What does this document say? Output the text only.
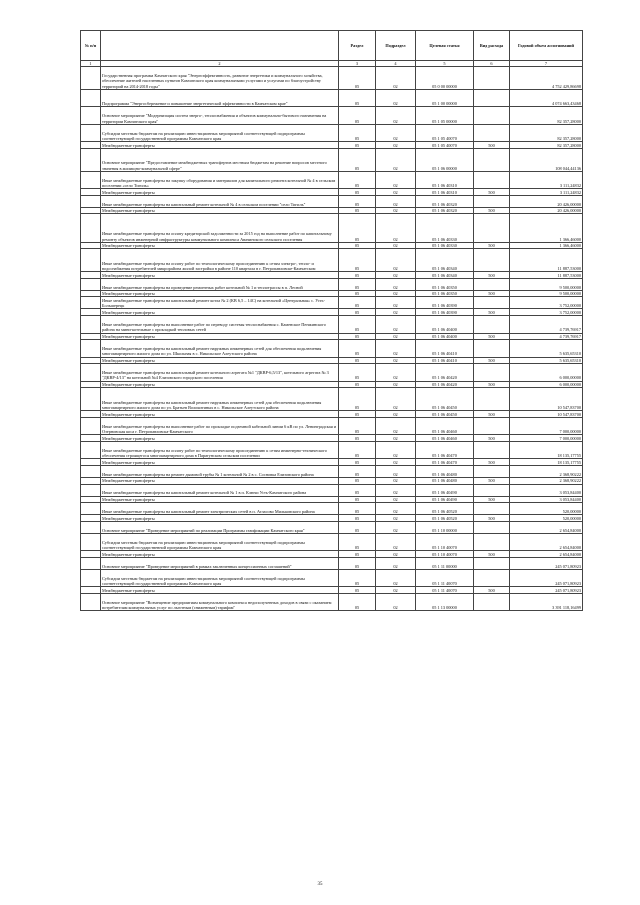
№ п/п		Раздел	Подраздел	Целевая статья	Вид расхода	Годовой объем ассигнований
1	2	3	4	5	6	7
	Государственная программа Камчатского края "Энергоэффективность, развитие энергетики и коммунального хозяйства, обеспечение жителей населенных пунктов Камчатского края коммунальными услугами и услугами по благоустройству территорий на 2014-2018 годы"	05	02	05 0 00 00000		4 752 429,86698
	Подпрограмма "Энергосбережение и повышение энергетической эффективности в Камчатском крае"	05	02	05 1 00 00000		4 074 663,43468
	Основное мероприятие "Модернизация систем энерго-, теплоснабжения и объектов коммунально-бытового назначения на территории Камчатского края"	05	02	05 1 05 00000		82 357,28000
	Субсидии местным бюджетам на реализацию инвестиционных мероприятий соответствующей подпрограммы соответствующей государственной программы Камчатского края	05	02	05 1 05 40070		82 357,28000
	Межбюджетные трансферты	05	02	05 1 05 40070	500	82 357,28000
	Основное мероприятие "Предоставление межбюджетных трансфертов местным бюджетам на решение вопросов местного значения в жилищно-коммунальной сфере"	05	02	05 1 06 00000		108 044,44136
	Иные межбюджетные трансферты на закупку оборудования и материалов для капитального ремонта котельной № 4 в сельском поселении «село Тигиль»	05	02	05 1 06 40310		3 111,24832
	Межбюджетные трансферты	05	02	05 1 06 40310	500	3 111,24832
	Иные межбюджетные трансферты на капитальный ремонт котельной № 4 в сельском поселении "село Тигиль"	05	02	05 1 06 40320		20 426,00000
	Межбюджетные трансферты	05	02	05 1 06 40320	500	20 426,00000
	Иные межбюджетные трансферты на оплату кредиторской задолженности за 2015 год на выполнение работ по капитальному ремонту объектов инженерной инфраструктуры коммунального комплекса Авачинского сельского поселения	05	02	05 1 06 40330		1 366,46000
	Межбюджетные трансферты	05	02	05 1 06 40330	500	1 366,46000
	Иные межбюджетные трансферты на оплату работ по технологическому присоединению к сетям электро-, тепло- и водоснабжения потребителей микрорайона жилой застройки в районе 110 квартала в г. Петропавловске-Камчатском	05	02	05 1 06 40340		11 887,53000
	Межбюджетные трансферты	05	02	05 1 06 40340	500	11 887,53000
	Иные межбюджетные трансферты на проведение ремонтных работ котельной № 1 и теплотрассы в п. Лесной	05	02	05 1 06 40350		9 500,00000
	Межбюджетные трансферты	05	02	05 1 06 40350	500	9 500,00000
	Иные межбюджетные трансферты на капитальный ремонт котла № 2 (КВ 6,5 – 14С) на котельной «Центральная» с. Усть-Большерецк	05	02	05 1 06 40390		3 752,00000
	Межбюджетные трансферты	05	02	05 1 06 40390	500	3 752,00000
	Иные межбюджетные трансферты на выполнение работ по переводу системы теплоснабжения с. Каменское Пенжинского района на мини-котельные с прокладкой тепловых сетей	05	02	05 1 06 40400		4 739,76917
	Межбюджетные трансферты	05	02	05 1 06 40400	500	4 739,76917
	Иные межбюджетные трансферты на капитальный ремонт наружных инженерных сетей для обеспечения подключения многоквартирного жилого дома по ул. Школьная в с. Никольское Алеутского района	05	02	05 1 06 40410		5 635,65310
	Межбюджетные трансферты	05	02	05 1 06 40410	500	5 635,65310
	Иные межбюджетные трансферты на капитальный ремонт котельного агрегата №1 "ДКВР-6,5/13", котельного агрегата № 3 "ДКВР-4/13" на котельной №4 Елизовского городского поселения	05	02	05 1 06 40420		6 000,00000
	Межбюджетные трансферты	05	02	05 1 06 40420	500	6 000,00000
	Иные межбюджетные трансферты на капитальный ремонт наружных инженерных сетей для обеспечения подключения многоквартирного жилого дома по ул. Братьев Волокитиных в с. Никольское Алеутского района	05	02	05 1 06 40450		10 547,83700
	Межбюджетные трансферты	05	02	05 1 06 40450	500	10 547,83700
	Иные межбюджетные трансферты на выполнение работ по прокладке подземной кабельной линии 6 кВ по ул. Ленинградская и Озерновская коса г. Петропавловска-Камчатского	05	02	05 1 06 40460		7 000,00000
	Межбюджетные трансферты	05	02	05 1 06 40460	500	7 000,00000
	Иные межбюджетные трансферты на оплату работ по технологическому присоединению к сетям инженерно-технического обеспечения строящегося многоквартирного дома в Паратунском сельском поселении	05	02	05 1 06 40470		18 135,17755
	Межбюджетные трансферты	05	02	05 1 06 40470	500	18 135,17755
	Иные межбюджетные трансферты на ремонт дымовой трубы № 1 котельной № 2 в с. Сосновка Елизовского района	05	02	05 1 06 40480		2 368,90222
	Межбюджетные трансферты	05	02	05 1 06 40480	500	2 368,90222
	Иные межбюджетные трансферты на капитальный ремонт котельной № 1 в п. Ключи Усть-Камчатского района	05	02	05 1 06 40490		3 053,84400
	Межбюджетные трансферты	05	02	05 1 06 40490	500	3 053,84400
	Иные межбюджетные трансферты на капитальный ремонт электрических сетей в п. Атласово Мильковского района	05	02	05 1 06 40520		520,00000
	Межбюджетные трансферты	05	02	05 1 06 40520	500	520,00000
	Основное мероприятие "Проведение мероприятий по реализации Программы газификации Камчатского края"	05	02	05 1 10 00000		2 654,84000
	Субсидии местным бюджетам на реализацию инвестиционных мероприятий соответствующей подпрограммы соответствующей государственной программы Камчатского края	05	02	05 1 10 40070		2 654,84000
	Межбюджетные трансферты	05	02	05 1 10 40070	500	2 654,84000
	Основное мероприятие "Проведение мероприятий в рамках заключенных концессионных соглашений"	05	02	05 1 11 00000		245 071,80923
	Субсидии местным бюджетам на реализацию инвестиционных мероприятий соответствующей подпрограммы соответствующей государственной программы Камчатского края	05	02	05 1 11 40070		245 071,80923
	Межбюджетные трансферты	05	02	05 1 11 40070	500	245 071,80923
	Основное мероприятие "Возмещение предприятиям коммунального комплекса недополученных доходов в связи с оказанием потребителям коммунальных услуг по льготным (сниженным) тарифам"	05	02	05 1 13 00000		3 391 118,16499
35
